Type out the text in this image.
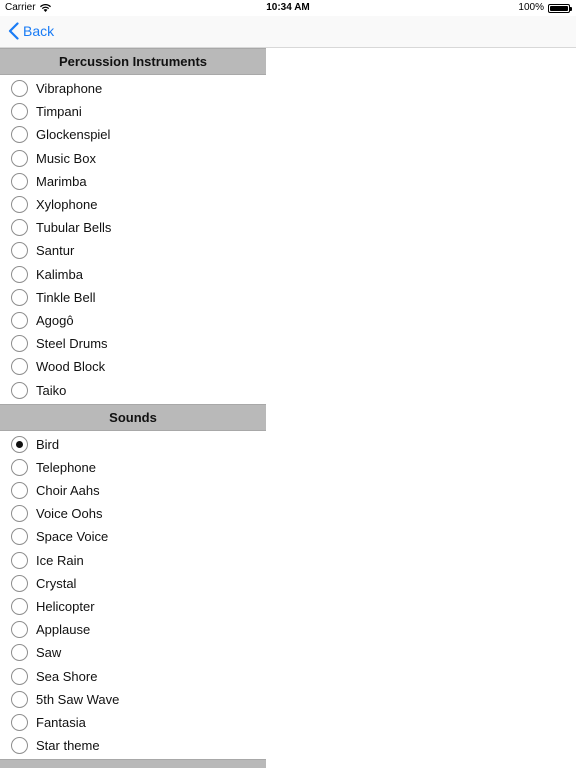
Carrier	10:34 AM	100%
Back
Percussion Instruments
Vibraphone
Timpani
Glockenspiel
Music Box
Marimba
Xylophone
Tubular Bells
Santur
Kalimba
Tinkle Bell
Agogô
Steel Drums
Wood Block
Taiko
Sounds
Bird
Telephone
Choir Aahs
Voice Oohs
Space Voice
Ice Rain
Crystal
Helicopter
Applause
Saw
Sea Shore
5th Saw Wave
Fantasia
Star theme
